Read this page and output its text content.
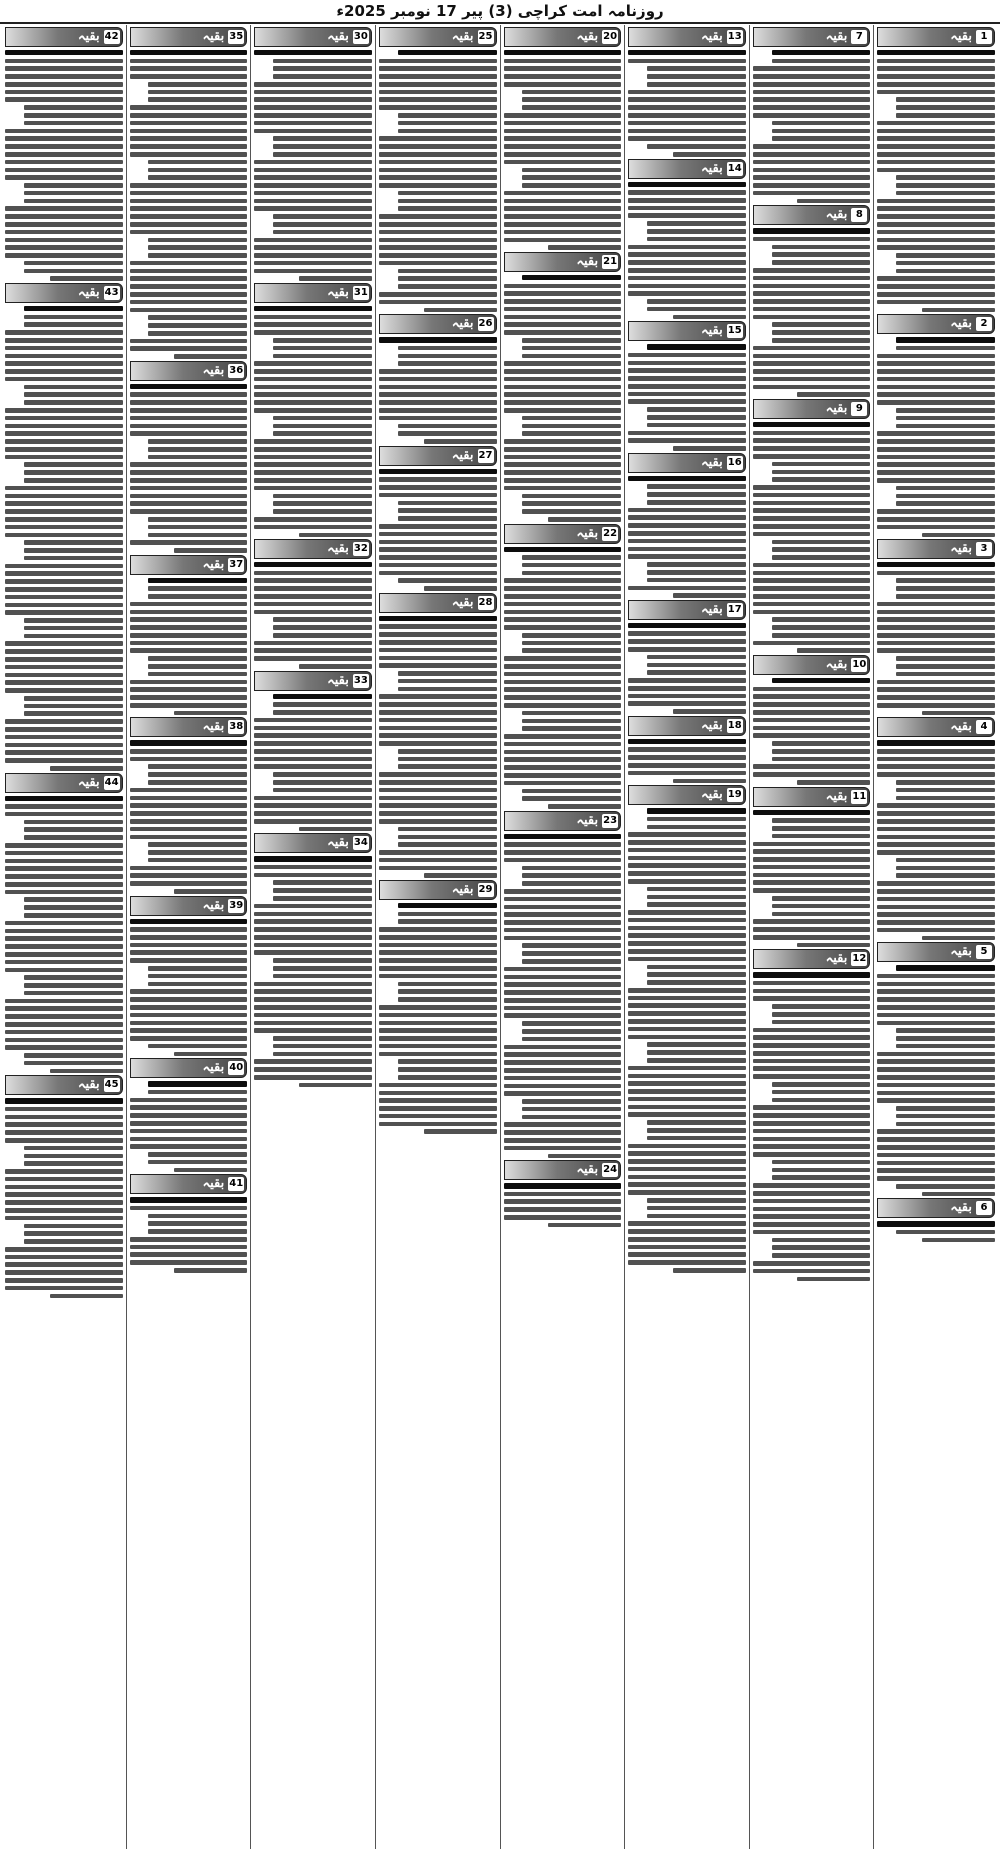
روزنامہ امت کراچی (3) پیر 17 نومبر 2025ء
بقیہ 1
بقیہ 2
بقیہ 3
بقیہ 4
بقیہ 5
بقیہ 6
بقیہ 7
بقیہ 8
بقیہ 9
بقیہ 10
بقیہ 11
بقیہ 12
بقیہ 13
بقیہ 14
بقیہ 15
بقیہ 16
بقیہ 17
بقیہ 18
بقیہ 19
بقیہ 20
بقیہ 21
بقیہ 22
بقیہ 23
بقیہ 24
بقیہ 25
بقیہ 26
بقیہ 27
بقیہ 28
بقیہ 29
بقیہ 30
بقیہ 31
بقیہ 32
بقیہ 33
بقیہ 34
بقیہ 35
بقیہ 36
بقیہ 37
بقیہ 38
بقیہ 39
بقیہ 40
بقیہ 41
بقیہ 42
بقیہ 43
بقیہ 44
بقیہ 45
